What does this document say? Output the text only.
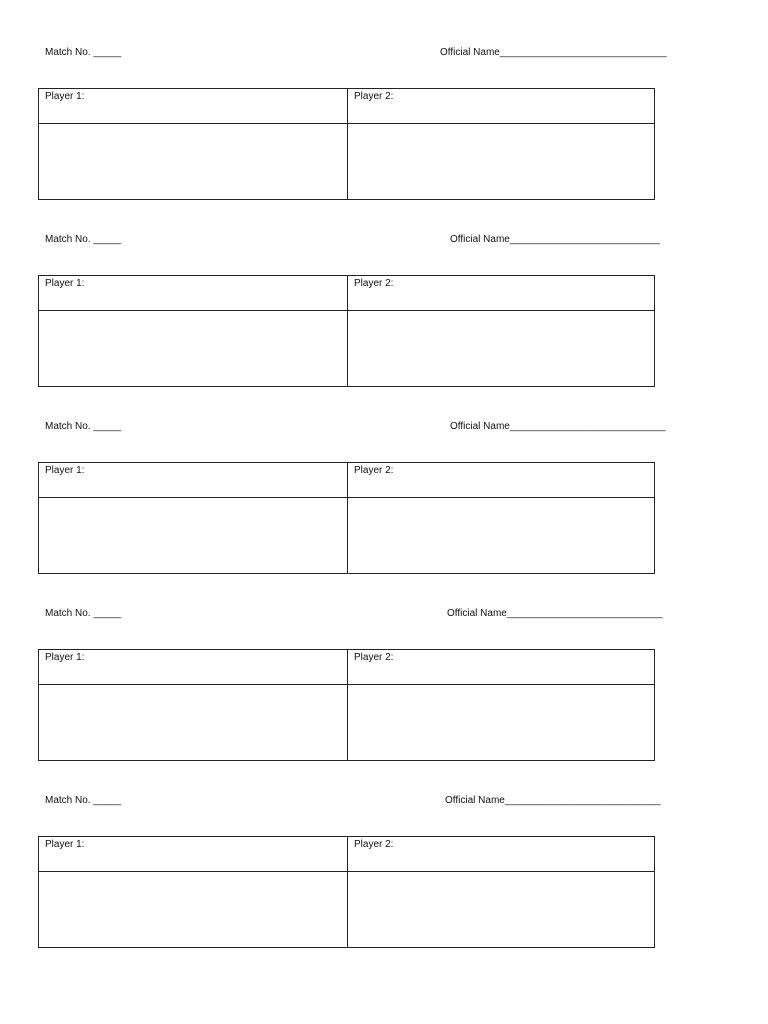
Match No. _____	Official Name______________________________
Player 1:	Player 2:
Match No. _____	Official Name___________________________
Player 1:	Player 2:
Match No. _____	Official Name____________________________
Player 1:	Player 2:
Match No. _____	Official Name____________________________
Player 1:	Player 2:
Match No. _____	Official Name____________________________
Player 1:	Player 2:
